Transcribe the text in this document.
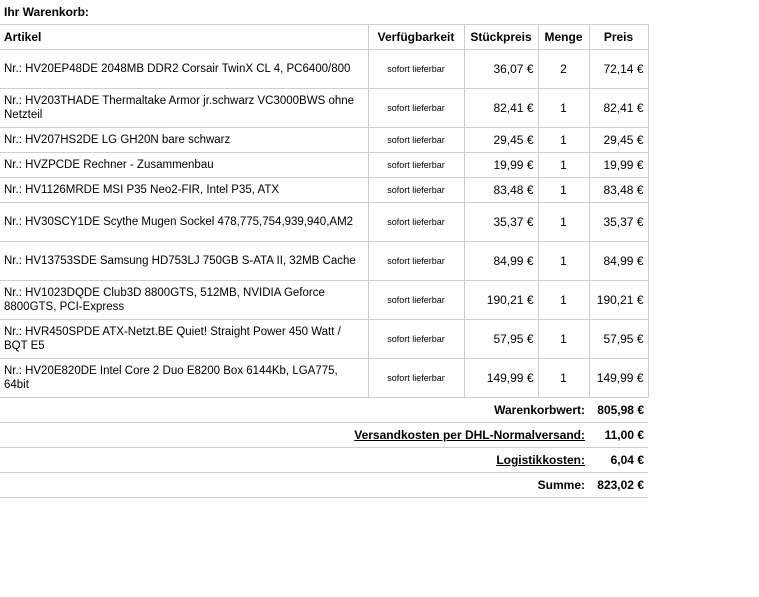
Ihr Warenkorb:
Artikel	Verfügbarkeit	Stückpreis	Menge	Preis
Nr.: HV20EP48DE 2048MB DDR2 Corsair TwinX CL 4, PC6400/800	sofort lieferbar	36,07 €	2	72,14 €
Nr.: HV203THADE Thermaltake Armor jr.schwarz VC3000BWS ohne Netzteil	sofort lieferbar	82,41 €	1	82,41 €
Nr.: HV207HS2DE LG GH20N bare schwarz	sofort lieferbar	29,45 €	1	29,45 €
Nr.: HVZPCDE Rechner - Zusammenbau	sofort lieferbar	19,99 €	1	19,99 €
Nr.: HV1126MRDE MSI P35 Neo2-FIR, Intel P35, ATX	sofort lieferbar	83,48 €	1	83,48 €
Nr.: HV30SCY1DE Scythe Mugen Sockel 478,775,754,939,940,AM2	sofort lieferbar	35,37 €	1	35,37 €
Nr.: HV13753SDE Samsung HD753LJ 750GB S-ATA II, 32MB Cache	sofort lieferbar	84,99 €	1	84,99 €
Nr.: HV1023DQDE Club3D 8800GTS, 512MB, NVIDIA Geforce 8800GTS, PCI-Express	sofort lieferbar	190,21 €	1	190,21 €
Nr.: HVR450SPDE ATX-Netzt.BE Quiet! Straight Power 450 Watt / BQT E5	sofort lieferbar	57,95 €	1	57,95 €
Nr.: HV20E820DE Intel Core 2 Duo E8200 Box 6144Kb, LGA775, 64bit	sofort lieferbar	149,99 €	1	149,99 €
Warenkorbwert:				805,98 €
Versandkosten per DHL-Normalversand:				11,00 €
Logistikkosten:				6,04 €
Summe:				823,02 €
